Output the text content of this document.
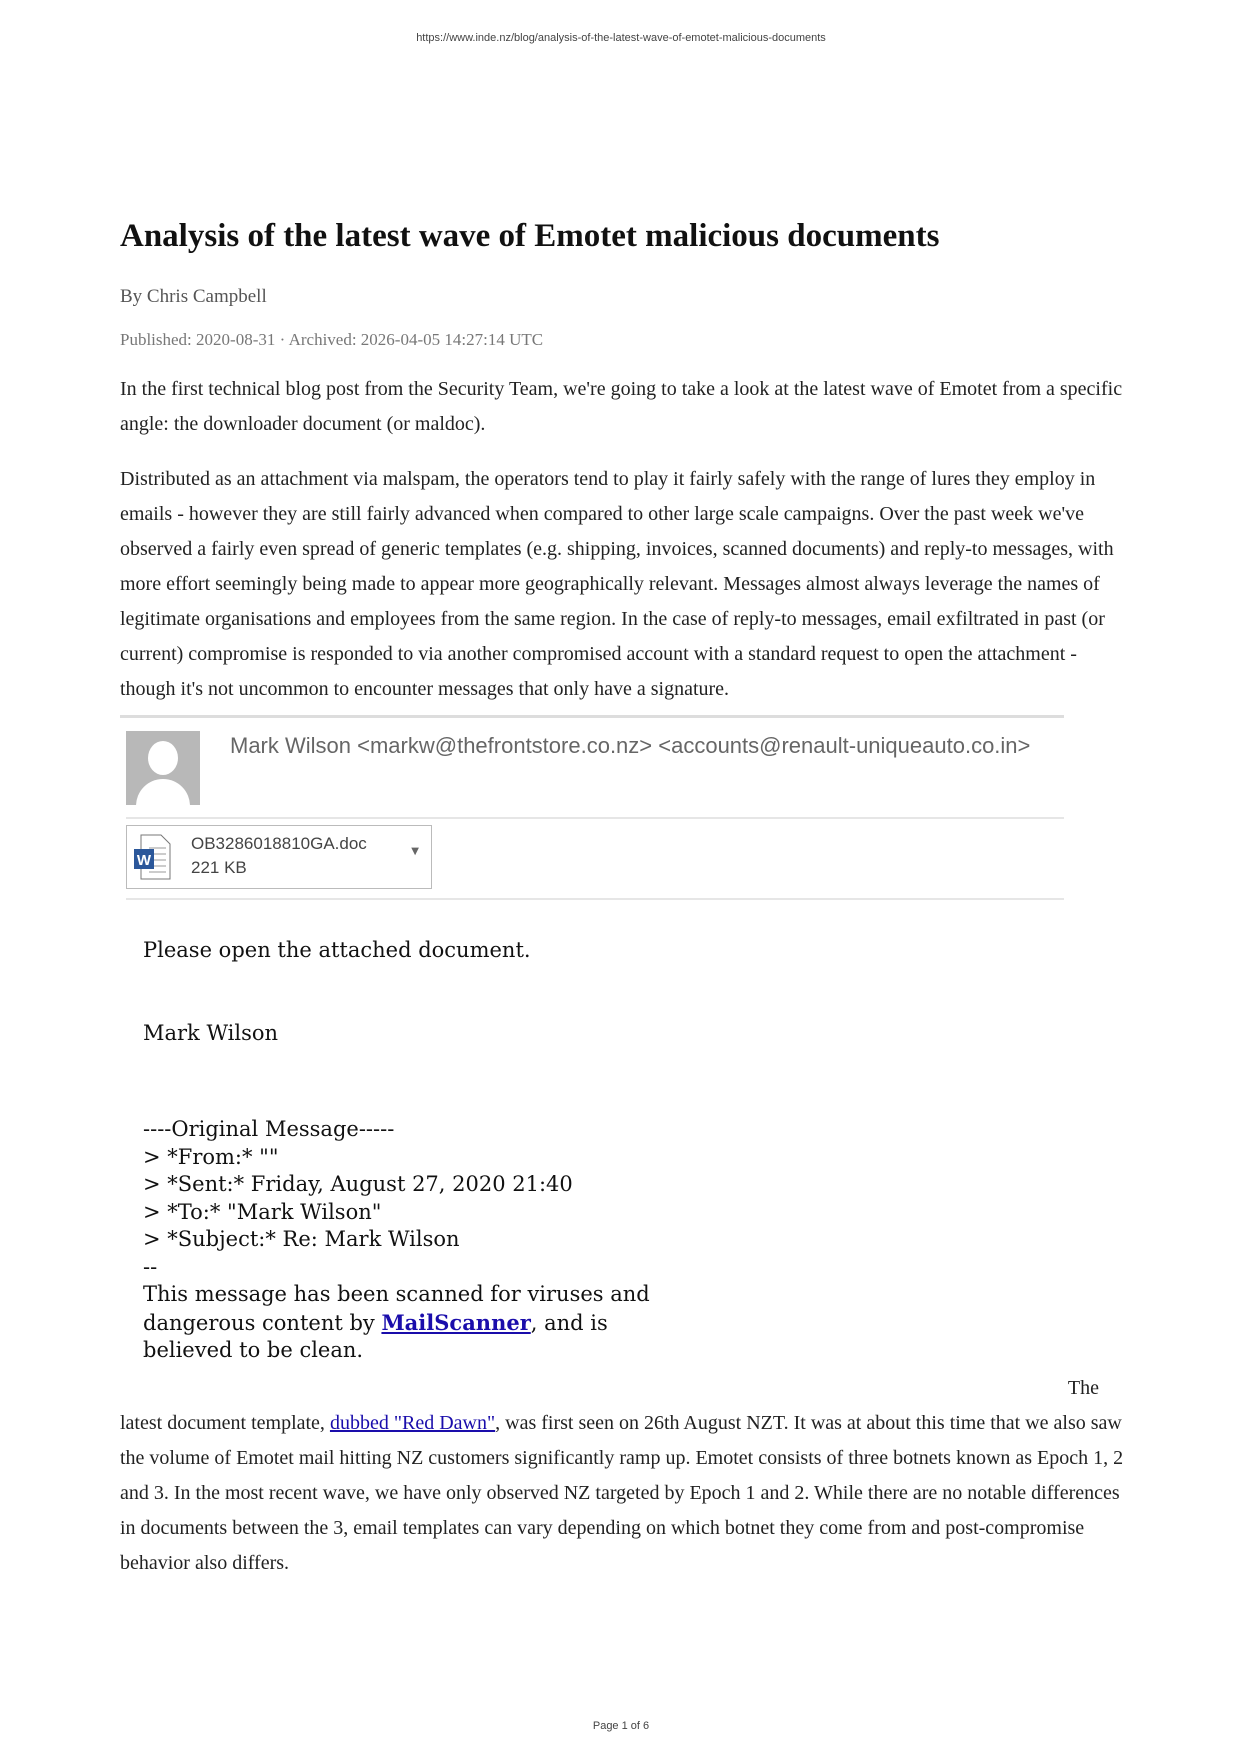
https://www.inde.nz/blog/analysis-of-the-latest-wave-of-emotet-malicious-documents
Analysis of the latest wave of Emotet malicious documents
By Chris Campbell
Published: 2020-08-31 · Archived: 2026-04-05 14:27:14 UTC

In the first technical blog post from the Security Team, we're going to take a look at the latest wave of Emotet from a specific angle: the downloader document (or maldoc).

Distributed as an attachment via malspam, the operators tend to play it fairly safely with the range of lures they employ in emails - however they are still fairly advanced when compared to other large scale campaigns. Over the past week we've observed a fairly even spread of generic templates (e.g. shipping, invoices, scanned documents) and reply-to messages, with more effort seemingly being made to appear more geographically relevant. Messages almost always leverage the names of legitimate organisations and employees from the same region. In the case of reply-to messages, email exfiltrated in past (or current) compromise is responded to via another compromised account with a standard request to open the attachment - though it's not uncommon to encounter messages that only have a signature.

Mark Wilson <markw@thefrontstore.co.nz> <accounts@renault-uniqueauto.co.in>
W
OB3286018810GA.doc
221 KB
▼
Please open the attached document.
Mark Wilson
----Original Message-----
> *From:* ""
> *Sent:* Friday, August 27, 2020 21:40
> *To:* "Mark Wilson"
> *Subject:* Re: Mark Wilson
--
This message has been scanned for viruses and
dangerous content by MailScanner, and is
believed to be clean.
The

latest document template, dubbed "Red Dawn", was first seen on 26th August NZT. It was at about this time that we also saw the volume of Emotet mail hitting NZ customers significantly ramp up. Emotet consists of three botnets known as Epoch 1, 2 and 3. In the most recent wave, we have only observed NZ targeted by Epoch 1 and 2. While there are no notable differences in documents between the 3, email templates can vary depending on which botnet they come from and post-compromise behavior also differs.

Page 1 of 6
